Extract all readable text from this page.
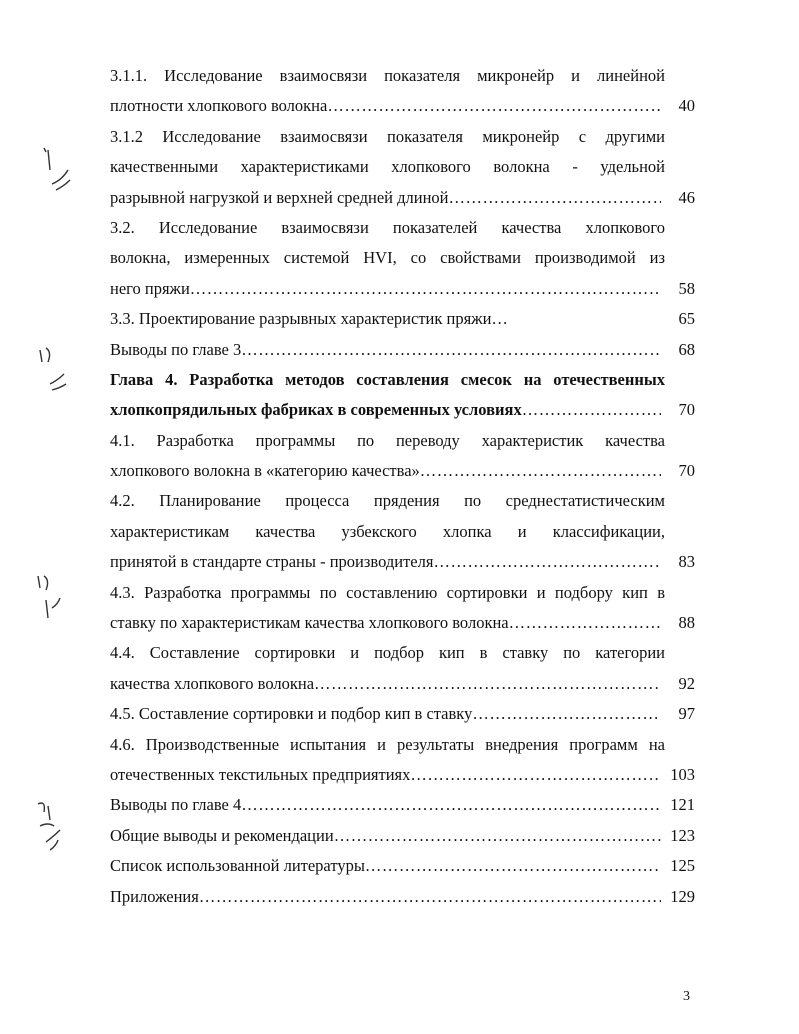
3.1.1. Исследование взаимосвязи показателя микронейр и линейной
плотности хлопкового волокна ……………………………………………………………………………………………………………………………………………………………	40
3.1.2 Исследование взаимосвязи показателя микронейр с другими
качественными характеристиками хлопкового волокна - удельной
разрывной нагрузкой и верхней средней длиной ……………………………………………………………………………………………………………………………………………………………	46
3.2. Исследование взаимосвязи показателей качества хлопкового
волокна, измеренных системой HVI, со свойствами производимой из
него пряжи ……………………………………………………………………………………………………………………………………………………………	58
3.3. Проектирование разрывных характеристик пряжи…	65
Выводы по главе 3 ……………………………………………………………………………………………………………………………………………………………	68
Глава 4. Разработка методов составления смесок на отечественных
хлопкопрядильных фабриках в современных условиях ……………………………………………………………………………………………………………………………………………………………	70
4.1. Разработка программы по переводу характеристик качества
хлопкового волокна в «категорию качества» ……………………………………………………………………………………………………………………………………………………………	70
4.2. Планирование процесса прядения по среднестатистическим
характеристикам качества узбекского хлопка и классификации,
принятой в стандарте страны - производителя ……………………………………………………………………………………………………………………………………………………………	83
4.3. Разработка программы по составлению сортировки и подбору кип в
ставку по характеристикам качества хлопкового волокна ……………………………………………………………………………………………………………………………………………………………	88
4.4. Составление сортировки и подбор кип в ставку по категории
качества хлопкового волокна ……………………………………………………………………………………………………………………………………………………………	92
4.5. Составление сортировки и подбор кип в ставку ……………………………………………………………………………………………………………………………………………………………	97
4.6. Производственные испытания и результаты внедрения программ на
отечественных текстильных предприятиях ……………………………………………………………………………………………………………………………………………………………	103
Выводы по главе 4 ……………………………………………………………………………………………………………………………………………………………	121
Общие выводы и рекомендации ……………………………………………………………………………………………………………………………………………………………	123
Список использованной литературы ……………………………………………………………………………………………………………………………………………………………	125
Приложения ……………………………………………………………………………………………………………………………………………………………	129
3
